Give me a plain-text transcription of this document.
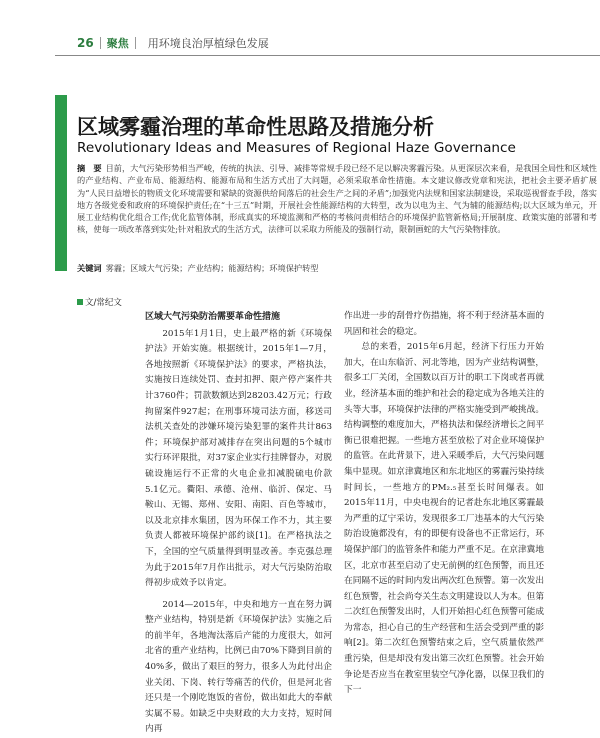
26 聚焦 用环境良治厚植绿色发展
区域雾霾治理的革命性思路及措施分析
Revolutionary Ideas and Measures of Regional Haze Governance
摘　要 目前，大气污染形势相当严峻，传统的执法、引导、减排等常规手段已经不足以解决雾霾污染。从更深层次来看，是我国全局性和区域性的产业结构、产业布局、能源结构、能源布局和生活方式出了大问题，必须采取革命性措施。本文建议修改党章和宪法，把社会主要矛盾扩展为“人民日益增长的物质文化环境需要和紧缺的资源供给间落后的社会生产之间的矛盾”;加强党内法规和国家法制建设，采取巡视督查手段，落实地方各级党委和政府的环境保护责任;在“十三五”时期，开展社会性能源结构的大转型，改为以电为主、气为辅的能源结构;以大区域为单元，开展工业结构优化组合工作;优化监管体制，形成真实的环境监测和严格的考核问责相结合的环境保护监管新格局;开展制度、政策实施的部署和考核，使每一项改革落到实处;针对粗放式的生活方式，法律可以采取力所能及的强制行动，限制画蛇的大气污染物排放。
关键词 雾霾；区域大气污染；产业结构；能源结构；环境保护转型
文/常纪文
区域大气污染防治需要革命性措施

2015年1月1日，史上最严格的新《环境保护法》开始实施。根据统计，2015年1—7月，各地按照新《环境保护法》的要求，严格执法，实施按日连续处罚、查封扣押、限产停产案件共计3760件；罚款数额达到28203.42万元；行政拘留案件927起；在刑事环境司法方面，移送司法机关查处的涉嫌环境污染犯罪的案件共计863件；环境保护部对减排存在突出问题的5个城市实行环评限批，对37家企业实行挂牌督办，对脱硫设施运行不正常的火电企业扣减脱硫电价款5.1亿元。衢阳、承德、沧州、临沂、保定、马鞍山、无锡、郑州、安阳、南阳、百色等城市，以及北京排水集团，因为环保工作不力，其主要负责人都被环境保护部约谈[1]。在严格执法之下，全国的空气质量得到明显改善。李克强总理为此于2015年7月作出批示，对大气污染防治取得初步成效予以肯定。

2014—2015年，中央和地方一直在努力调整产业结构，特别是新《环境保护法》实施之后的前半年，各地淘汰落后产能的力度很大，如河北省的重产业结构，比例已由70%下降到目前的40%多，做出了艰巨的努力，很多人为此付出企业关闭、下岗、转行等痛苦的代价，但是河北省还只是一个刚吃饱饭的省份，做出如此大的奉献实属不易。如缺乏中央财政的大力支持，短时间内再

作出进一步的刮骨疗伤措施，将不利于经济基本面的巩固和社会的稳定。

总的来看，2015年6月起，经济下行压力开始加大，在山东临沂、河北等地，因为产业结构调整，很多工厂关闭，全国数以百万计的职工下岗或者再就业，经济基本面的维护和社会的稳定成为各地关注的头等大事，环境保护法律的严格实施受到严峻挑战。结构调整的难度加大，严格执法和保经济增长之间平衡已很难把握。一些地方甚至放松了对企业环境保护的监管。在此背景下，进入采暖季后，大气污染问题集中显现。如京津冀地区和东北地区的雾霾污染持续时间长，一些地方的PM₂.₅甚至长时间爆表。如2015年11月，中央电视台的记者赴东北地区雾霾最为严重的辽宁采访，发现很多工厂违基本的大气污染防治设施都没有，有的即便有设备也不正常运行，环境保护部门的监管条件和能力严重不足。在京津冀地区，北京市甚至启动了史无前例的红色预警，而且还在同隔不远的时间内发出两次红色预警。第一次发出红色预警，社会尚夸关生态文明建设以人为本。但第二次红色预警发出时，人们开始担心红色预警可能成为常态，担心自己的生产经营和生活会受到严重的影响[2]。第二次红色预警结束之后，空气质量依然严重污染，但是却没有发出第三次红色预警。社会开始争论是否应当在教室里装空气净化器，以保卫我们的下一
